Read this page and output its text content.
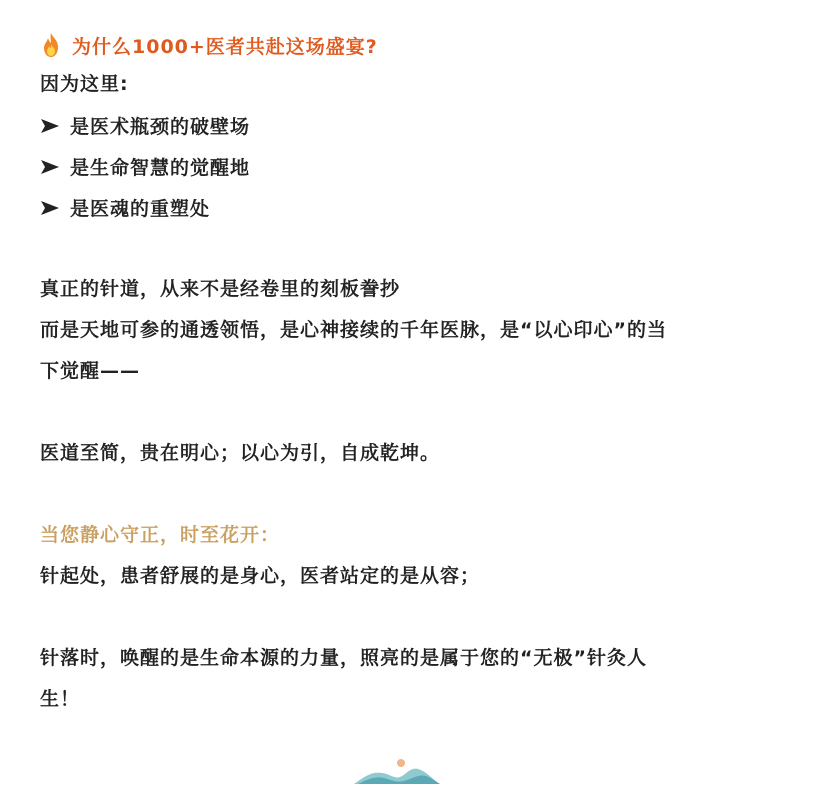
为什么1000+医者共赴这场盛宴?
因为这里:
是医术瓶颈的破壁场
是生命智慧的觉醒地
是医魂的重塑处
真正的针道，从来不是经卷里的刻板誊抄
而是天地可参的通透领悟，是心神接续的千年医脉，是“以心印心”的当
下觉醒——
医道至简，贵在明心；以心为引，自成乾坤。
当您静心守正，时至花开：
针起处，患者舒展的是身心，医者站定的是从容；
针落时，唤醒的是生命本源的力量，照亮的是属于您的“无极”针灸人
生！
